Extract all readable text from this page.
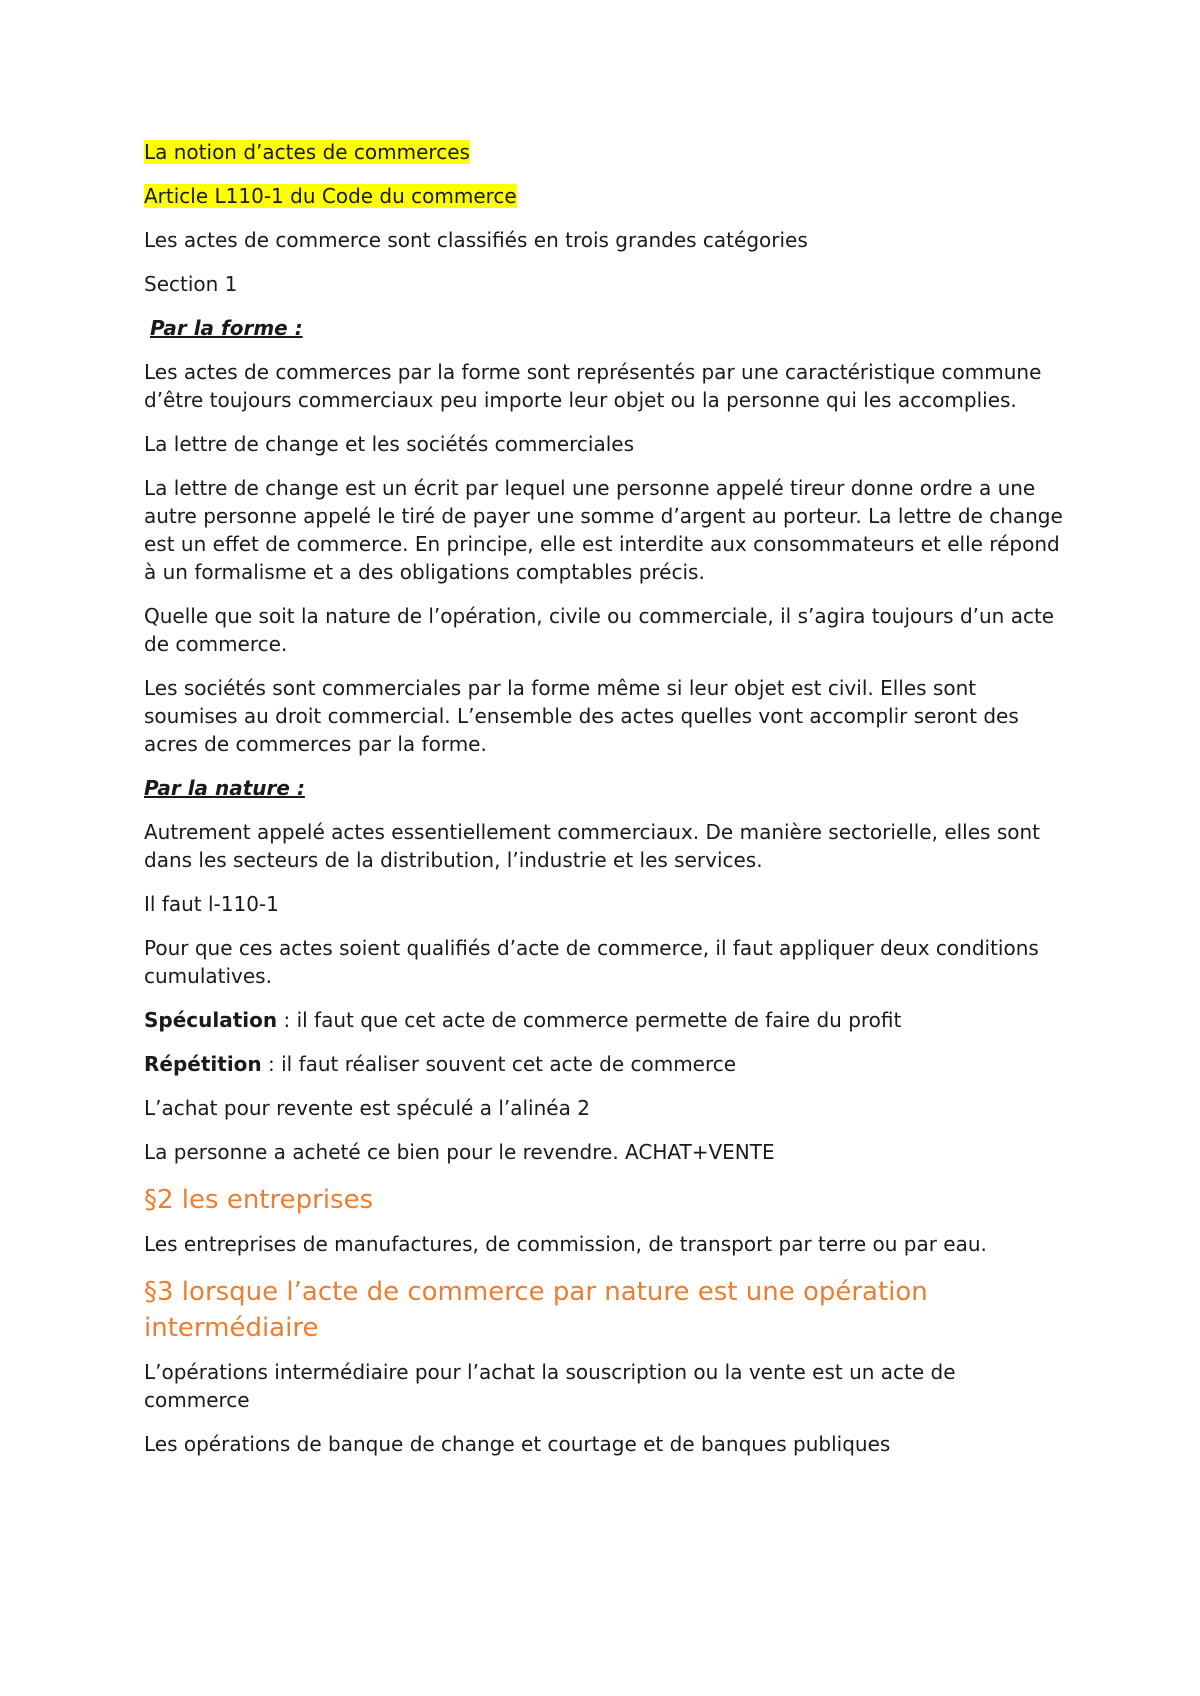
La notion d’actes de commerces

Article L110-1 du Code du commerce

Les actes de commerce sont classifiés en trois grandes catégories

Section 1

Par la forme :

Les actes de commerces par la forme sont représentés par une caractéristique commune d’être toujours commerciaux peu importe leur objet ou la personne qui les accomplies.

La lettre de change et les sociétés commerciales

La lettre de change est un écrit par lequel une personne appelé tireur donne ordre a une autre personne appelé le tiré de payer une somme d’argent au porteur. La lettre de change est un effet de commerce. En principe, elle est interdite aux consommateurs et elle répond à un formalisme et a des obligations comptables précis.

Quelle que soit la nature de l’opération, civile ou commerciale, il s’agira toujours d’un acte de commerce.

Les sociétés sont commerciales par la forme même si leur objet est civil. Elles sont soumises au droit commercial. L’ensemble des actes quelles vont accomplir seront des acres de commerces par la forme.

Par la nature :

Autrement appelé actes essentiellement commerciaux. De manière sectorielle, elles sont dans les secteurs de la distribution, l’industrie et les services.

Il faut l-110-1

Pour que ces actes soient qualifiés d’acte de commerce, il faut appliquer deux conditions cumulatives.

Spéculation : il faut que cet acte de commerce permette de faire du profit

Répétition : il faut réaliser souvent cet acte de commerce

L’achat pour revente est spéculé a l’alinéa 2

La personne a acheté ce bien pour le revendre. ACHAT+VENTE

§2 les entreprises

Les entreprises de manufactures, de commission, de transport par terre ou par eau.

§3 lorsque l’acte de commerce par nature est une opération intermédiaire

L’opérations intermédiaire pour l’achat la souscription ou la vente est un acte de commerce

Les opérations de banque de change et courtage et de banques publiques
